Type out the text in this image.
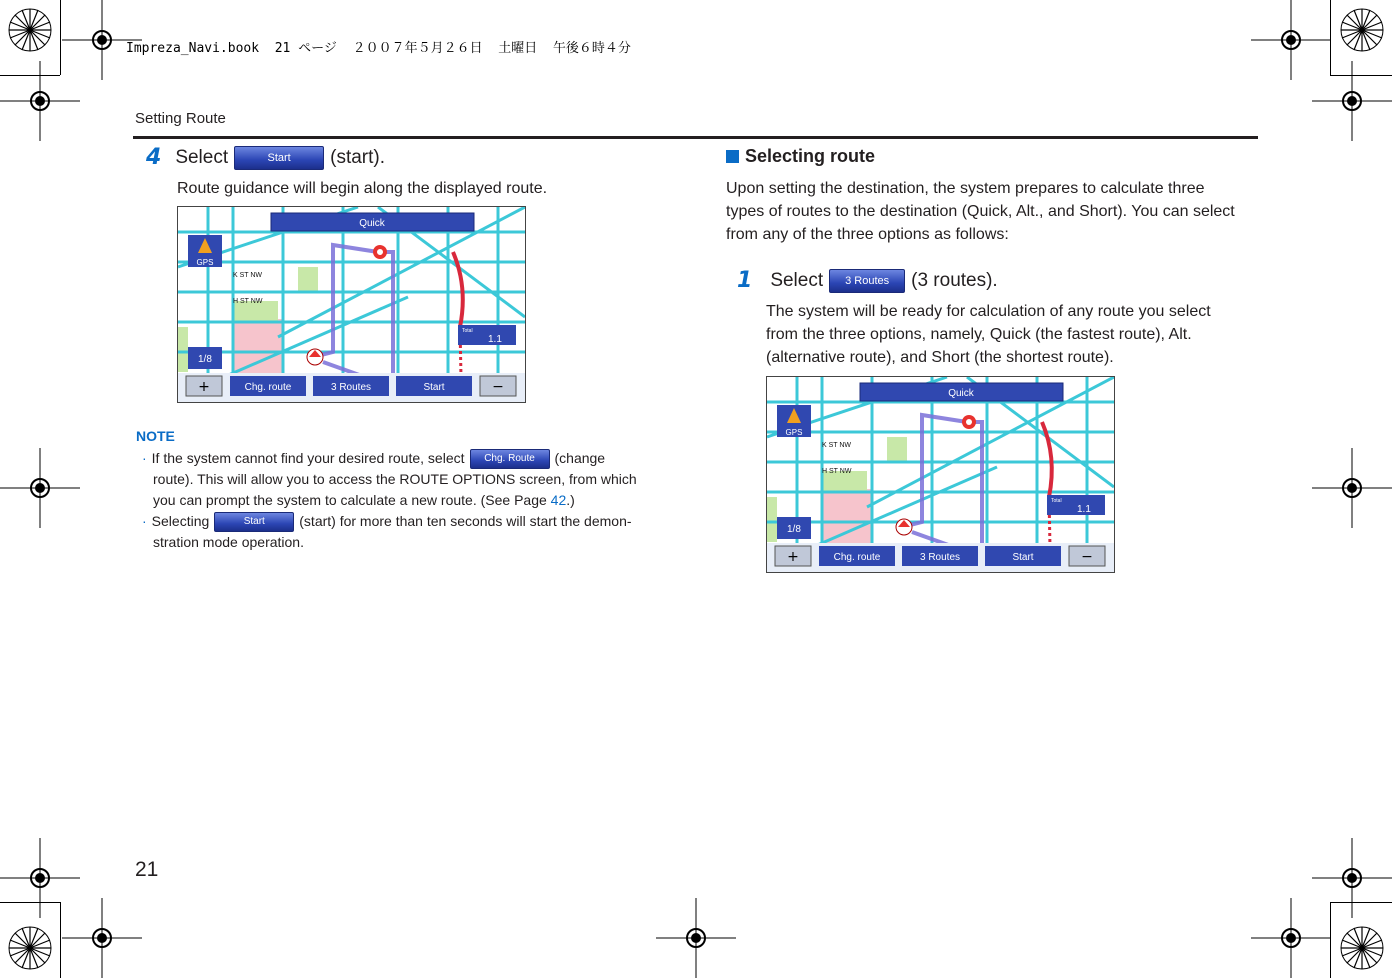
Impreza_Navi.book  21 ページ  ２００７年５月２６日  土曜日  午後６時４分
Setting Route
4 Select	Start	(start).
Route guidance will begin along the displayed route.
Quick
GPS
K ST NW
H ST NW
1/8
Total
1.1
+	Chg. route	3 Routes	Start	−
NOTE
· If the system cannot find your desired route, select	Chg. Route	(change
route). This will allow you to access the ROUTE OPTIONS screen, from which
you can prompt the system to calculate a new route. (See Page 42.)
· Selecting	Start	(start) for more than ten seconds will start the demon-
stration mode operation.
Selecting route
Upon setting the destination, the system prepares to calculate three
types of routes to the destination (Quick, Alt., and Short). You can select
from any of the three options as follows:
1 Select	3 Routes	(3 routes).
The system will be ready for calculation of any route you select
from the three options, namely, Quick (the fastest route), Alt.
(alternative route), and Short (the shortest route).
Quick
GPS
K ST NW
H ST NW
1/8
Total
1.1
+	Chg. route	3 Routes	Start	−
21
